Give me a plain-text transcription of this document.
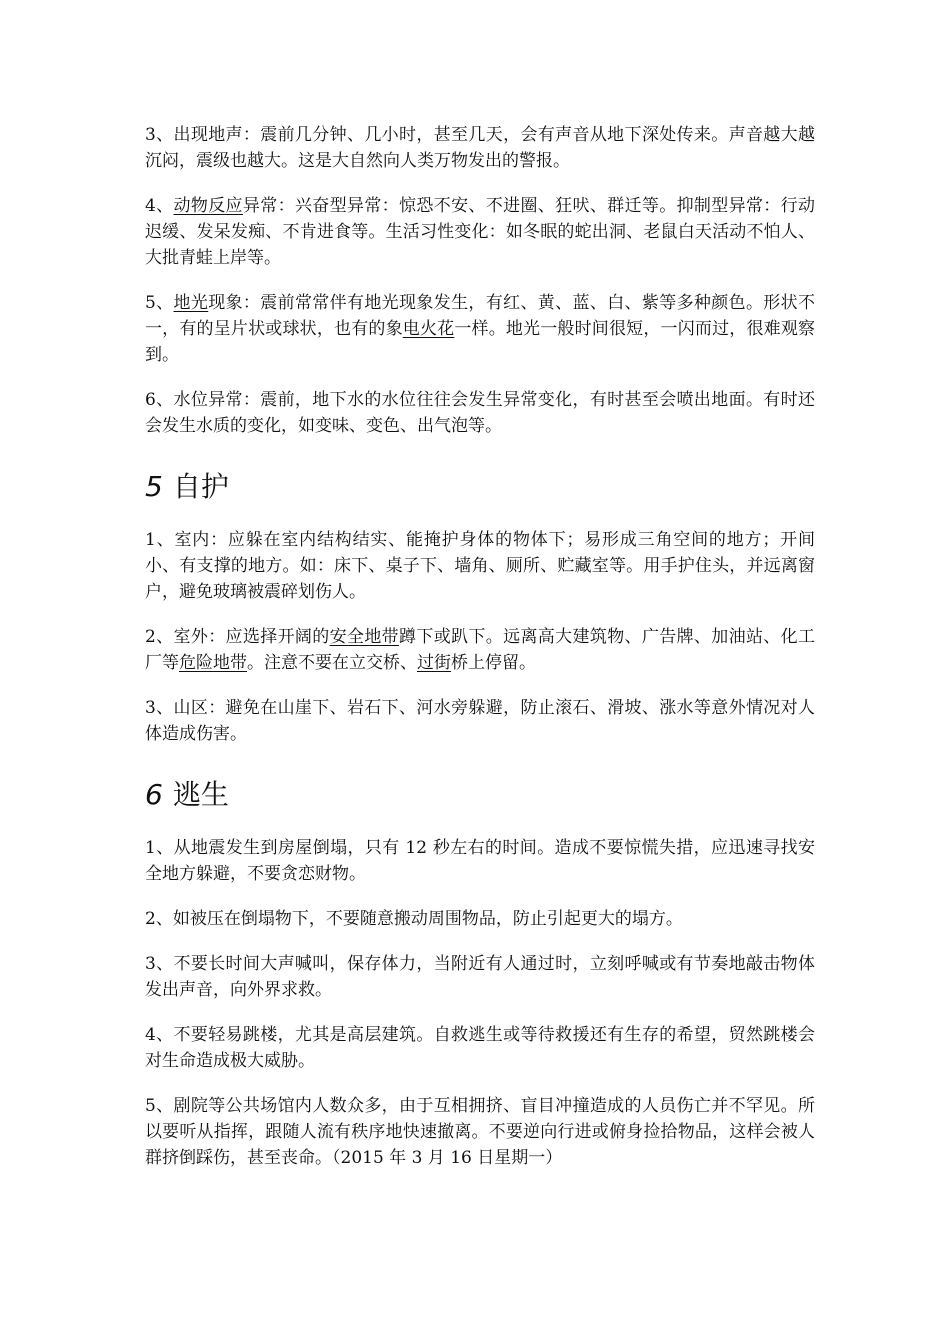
3、出现地声：震前几分钟、几小时，甚至几天，会有声音从地下深处传来。声音越大越沉闷，震级也越大。这是大自然向人类万物发出的警报。

4、动物反应异常：兴奋型异常：惊恐不安、不进圈、狂吠、群迁等。抑制型异常：行动迟缓、发呆发痴、不肯进食等。生活习性变化：如冬眠的蛇出洞、老鼠白天活动不怕人、大批青蛙上岸等。

5、地光现象：震前常常伴有地光现象发生，有红、黄、蓝、白、紫等多种颜色。形状不一，有的呈片状或球状，也有的象电火花一样。地光一般时间很短，一闪而过，很难观察到。

6、水位异常：震前，地下水的水位往往会发生异常变化，有时甚至会喷出地面。有时还会发生水质的变化，如变味、变色、出气泡等。

5 自护

1、室内：应躲在室内结构结实、能掩护身体的物体下；易形成三角空间的地方；开间小、有支撑的地方。如：床下、桌子下、墙角、厕所、贮藏室等。用手护住头，并远离窗户，避免玻璃被震碎划伤人。

2、室外：应选择开阔的安全地带蹲下或趴下。远离高大建筑物、广告牌、加油站、化工厂等危险地带。注意不要在立交桥、过街桥上停留。

3、山区：避免在山崖下、岩石下、河水旁躲避，防止滚石、滑坡、涨水等意外情况对人体造成伤害。

6 逃生

1、从地震发生到房屋倒塌，只有 12 秒左右的时间。造成不要惊慌失措，应迅速寻找安全地方躲避，不要贪恋财物。

2、如被压在倒塌物下，不要随意搬动周围物品，防止引起更大的塌方。

3、不要长时间大声喊叫，保存体力，当附近有人通过时，立刻呼喊或有节奏地敲击物体发出声音，向外界求救。

4、不要轻易跳楼，尤其是高层建筑。自救逃生或等待救援还有生存的希望，贸然跳楼会对生命造成极大威胁。

5、剧院等公共场馆内人数众多，由于互相拥挤、盲目冲撞造成的人员伤亡并不罕见。所以要听从指挥，跟随人流有秩序地快速撤离。不要逆向行进或俯身捡拾物品，这样会被人群挤倒踩伤，甚至丧命。（2015 年 3 月 16 日星期一）
